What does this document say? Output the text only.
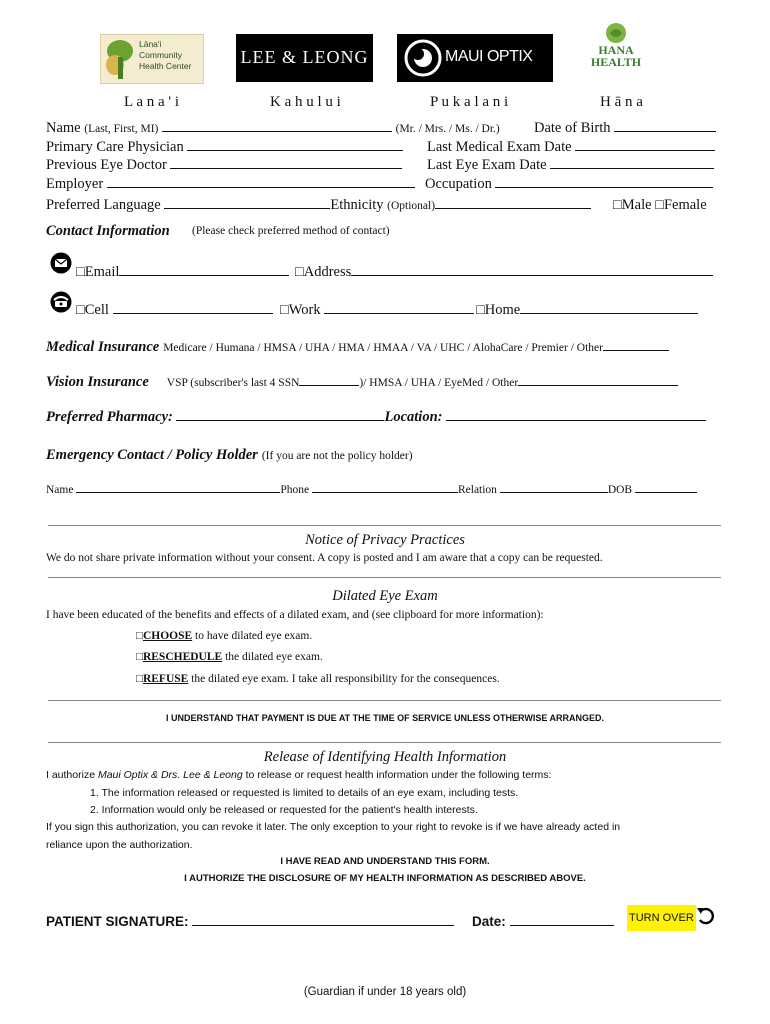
Lāna'i
Community
Health Center	LEE & LEONG	MAUI OPTIX	HANA
HEALTH
L a n a ' i	K a h u l u i	P u k a l a n i	H ā n a
Name (Last, First, MI)	(Mr. / Mrs. / Ms. / Dr.) Date of Birth
Primary Care Physician	Last Medical Exam Date
Previous Eye Doctor	Last Eye Exam Date
Employer	Occupation
Preferred Language	Ethnicity (Optional)	□Male □Female
Contact Information (Please check preferred method of contact)
□Email	□Address
□Cell	□Work	□Home
Medical Insurance Medicare / Humana / HMSA / UHA / HMA / HMAA / VA / UHC / AlohaCare / Premier / Other
Vision Insurance VSP (subscriber's last 4 SSN	)/ HMSA / UHA / EyeMed / Other
Preferred Pharmacy:	Location:
Emergency Contact / Policy Holder (If you are not the policy holder)
Name	Phone	Relation	DOB
Notice of Privacy Practices
We do not share private information without your consent. A copy is posted and I am aware that a copy can be requested.
Dilated Eye Exam
I have been educated of the benefits and effects of a dilated exam, and (see clipboard for more information):
□CHOOSE to have dilated eye exam.
□RESCHEDULE the dilated eye exam.
□REFUSE the dilated eye exam. I take all responsibility for the consequences.
I UNDERSTAND THAT PAYMENT IS DUE AT THE TIME OF SERVICE UNLESS OTHERWISE ARRANGED.
Release of Identifying Health Information
I authorize Maui Optix & Drs. Lee & Leong to release or request health information under the following terms:
1. The information released or requested is limited to details of an eye exam, including tests.
2. Information would only be released or requested for the patient's health interests.
If you sign this authorization, you can revoke it later. The only exception to your right to revoke is if we have already acted in
reliance upon the authorization.
I HAVE READ AND UNDERSTAND THIS FORM.
I AUTHORIZE THE DISCLOSURE OF MY HEALTH INFORMATION AS DESCRIBED ABOVE.
PATIENT SIGNATURE:	Date:	TURN OVER
(Guardian if under 18 years old)
